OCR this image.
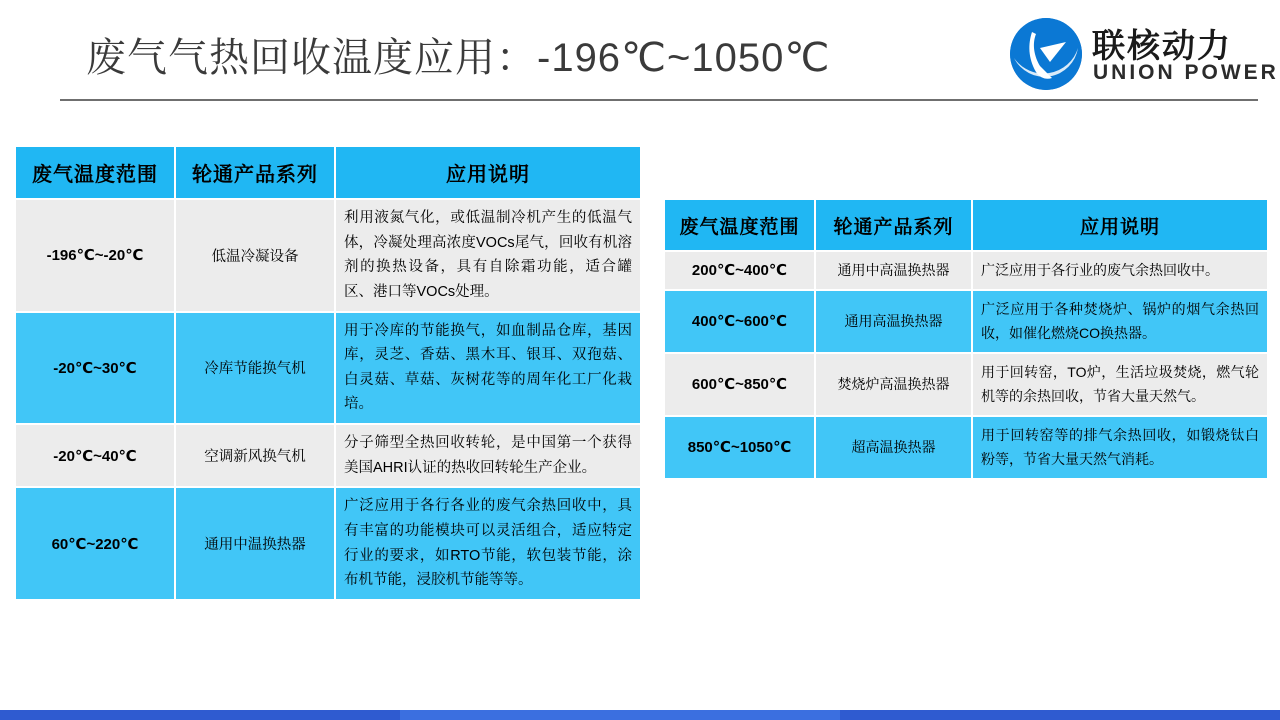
废气气热回收温度应用：-196℃~1050℃	联核动力
UNION POWER
废气温度范围	轮通产品系列	应用说明
-196℃~-20℃	低温冷凝设备	利用液氮气化，或低温制冷机产生的低温气体，冷凝处理高浓度VOCs尾气，回收有机溶剂的换热设备，具有自除霜功能，适合罐区、港口等VOCs处理。
-20℃~30℃	冷库节能换气机	用于冷库的节能换气，如血制品仓库，基因库，灵芝、香菇、黑木耳、银耳、双孢菇、白灵菇、草菇、灰树花等的周年化工厂化栽培。
-20℃~40℃	空调新风换气机	分子筛型全热回收转轮，是中国第一个获得美国AHRI认证的热收回转轮生产企业。
60℃~220℃	通用中温换热器	广泛应用于各行各业的废气余热回收中，具有丰富的功能模块可以灵活组合，适应特定行业的要求，如RTO节能，软包装节能，涂布机节能，浸胶机节能等等。
废气温度范围	轮通产品系列	应用说明
200℃~400℃	通用中高温换热器	广泛应用于各行业的废气余热回收中。
400℃~600℃	通用高温换热器	广泛应用于各种焚烧炉、锅炉的烟气余热回收，如催化燃烧CO换热器。
600℃~850℃	焚烧炉高温换热器	用于回转窑，TO炉，生活垃圾焚烧，燃气轮机等的余热回收，节省大量天然气。
850℃~1050℃	超高温换热器	用于回转窑等的排气余热回收，如锻烧钛白粉等，节省大量天然气消耗。
